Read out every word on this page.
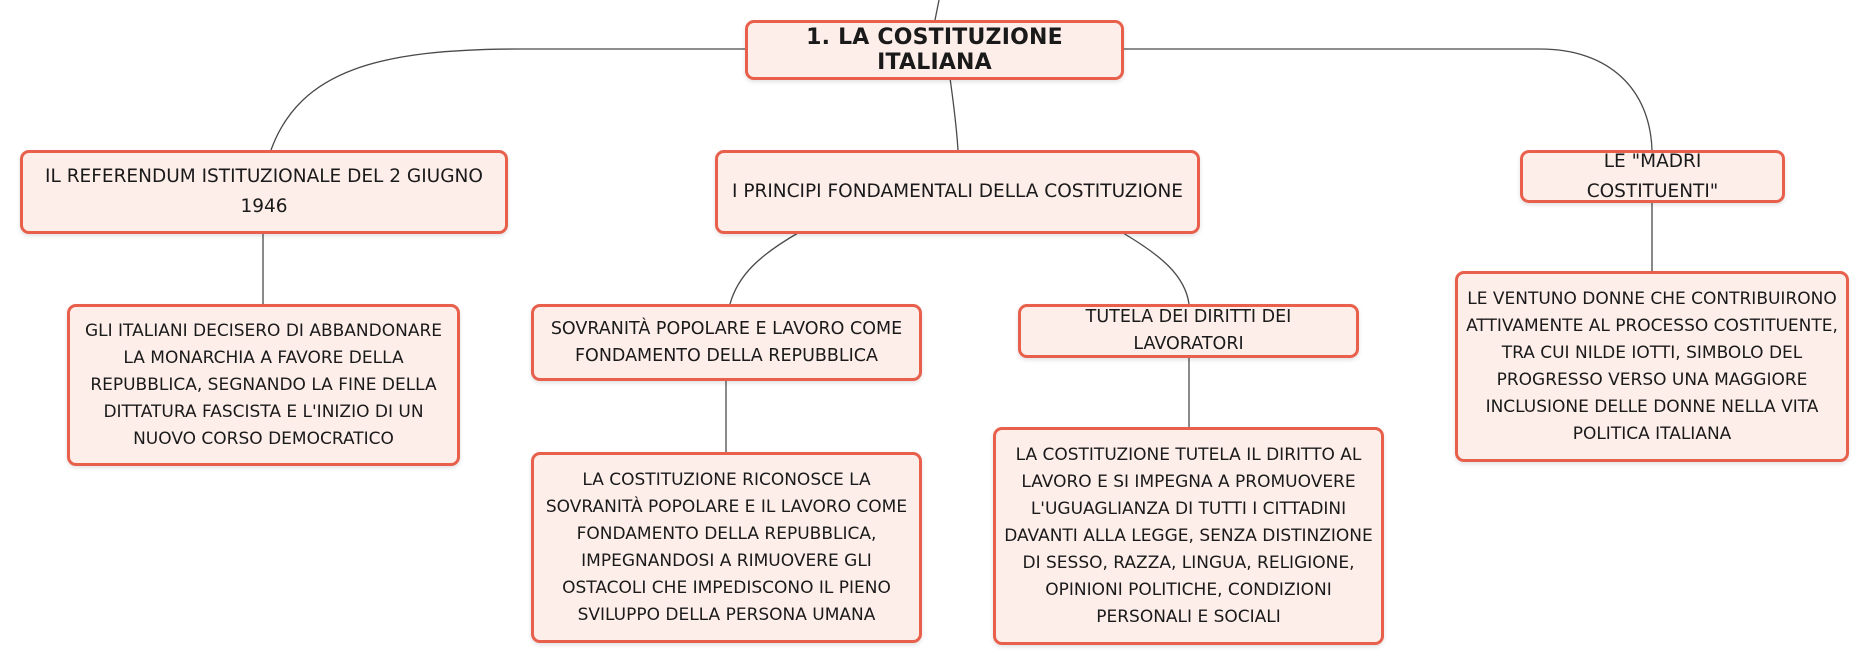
1. LA COSTITUZIONE ITALIANA
IL REFERENDUM ISTITUZIONALE DEL 2 GIUGNO 1946
I PRINCIPI FONDAMENTALI DELLA COSTITUZIONE
LE "MADRI COSTITUENTI"
GLI ITALIANI DECISERO DI ABBANDONARE LA MONARCHIA A FAVORE DELLA REPUBBLICA, SEGNANDO LA FINE DELLA DITTATURA FASCISTA E L'INIZIO DI UN NUOVO CORSO DEMOCRATICO
SOVRANITÀ POPOLARE E LAVORO COME FONDAMENTO DELLA REPUBBLICA
TUTELA DEI DIRITTI DEI LAVORATORI
LA COSTITUZIONE RICONOSCE LA SOVRANITÀ POPOLARE E IL LAVORO COME FONDAMENTO DELLA REPUBBLICA, IMPEGNANDOSI A RIMUOVERE GLI OSTACOLI CHE IMPEDISCONO IL PIENO SVILUPPO DELLA PERSONA UMANA
LA COSTITUZIONE TUTELA IL DIRITTO AL LAVORO E SI IMPEGNA A PROMUOVERE L'UGUAGLIANZA DI TUTTI I CITTADINI DAVANTI ALLA LEGGE, SENZA DISTINZIONE DI SESSO, RAZZA, LINGUA, RELIGIONE, OPINIONI POLITICHE, CONDIZIONI PERSONALI E SOCIALI
LE VENTUNO DONNE CHE CONTRIBUIRONO ATTIVAMENTE AL PROCESSO COSTITUENTE, TRA CUI NILDE IOTTI, SIMBOLO DEL PROGRESSO VERSO UNA MAGGIORE INCLUSIONE DELLE DONNE NELLA VITA POLITICA ITALIANA
